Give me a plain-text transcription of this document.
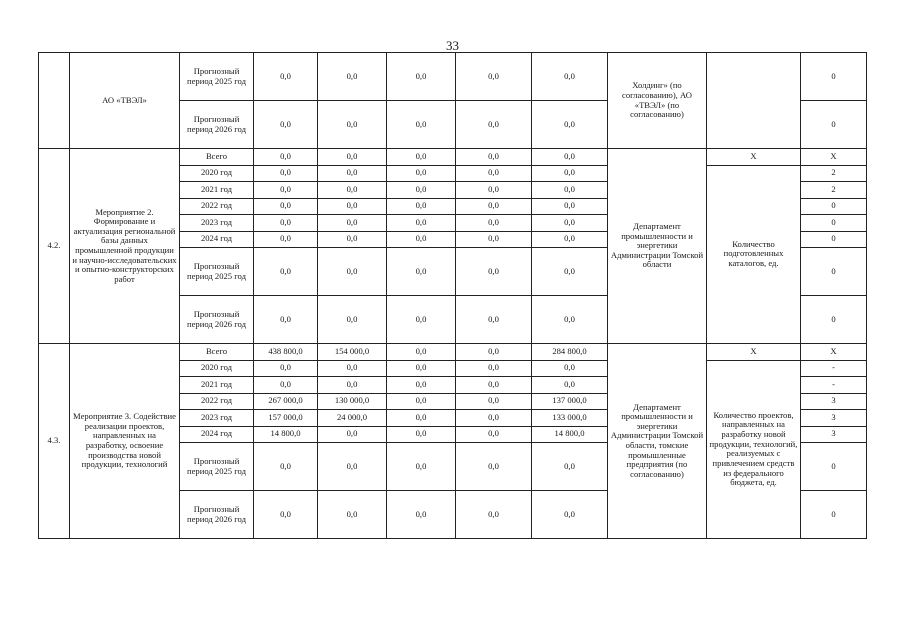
33
	АО «ТВЭЛ»	Прогнозный период 2025 год	0,0	0,0	0,0	0,0	0,0	Холдинг» (по согласованию), АО «ТВЭЛ» (по согласованию)		0
		Прогнозный период 2026 год	0,0	0,0	0,0	0,0	0,0			0
4.2.	Мероприятие 2. Формирование и актуализация региональной базы данных промышленной продукции и научно-исследовательских и опытно-конструкторских работ	Всего	0,0	0,0	0,0	0,0	0,0	Департамент промышленности и энергетики Администрации Томской области	Х	Х
		2020 год	0,0	0,0	0,0	0,0	0,0		Количество подготовленных каталогов, ед.	2
		2021 год	0,0	0,0	0,0	0,0	0,0			2
		2022 год	0,0	0,0	0,0	0,0	0,0			0
		2023 год	0,0	0,0	0,0	0,0	0,0			0
		2024 год	0,0	0,0	0,0	0,0	0,0			0
		Прогнозный период 2025 год	0,0	0,0	0,0	0,0	0,0			0
		Прогнозный период 2026 год	0,0	0,0	0,0	0,0	0,0			0
4.3.	Мероприятие 3. Содействие реализации проектов, направленных на разработку, освоение производства новой продукции, технологий	Всего	438 800,0	154 000,0	0,0	0,0	284 800,0	Департамент промышленности и энергетики Администрации Томской области, томские промышленные предприятия (по согласованию)	Х	Х
		2020 год	0,0	0,0	0,0	0,0	0,0		Количество проектов, направленных на разработку новой продукции, технологий, реализуемых с привлечением средств из федерального бюджета, ед.	-
		2021 год	0,0	0,0	0,0	0,0	0,0			-
		2022 год	267 000,0	130 000,0	0,0	0,0	137 000,0			3
		2023 год	157 000,0	24 000,0	0,0	0,0	133 000,0			3
		2024 год	14 800,0	0,0	0,0	0,0	14 800,0			3
		Прогнозный период 2025 год	0,0	0,0	0,0	0,0	0,0			0
		Прогнозный период 2026 год	0,0	0,0	0,0	0,0	0,0			0
